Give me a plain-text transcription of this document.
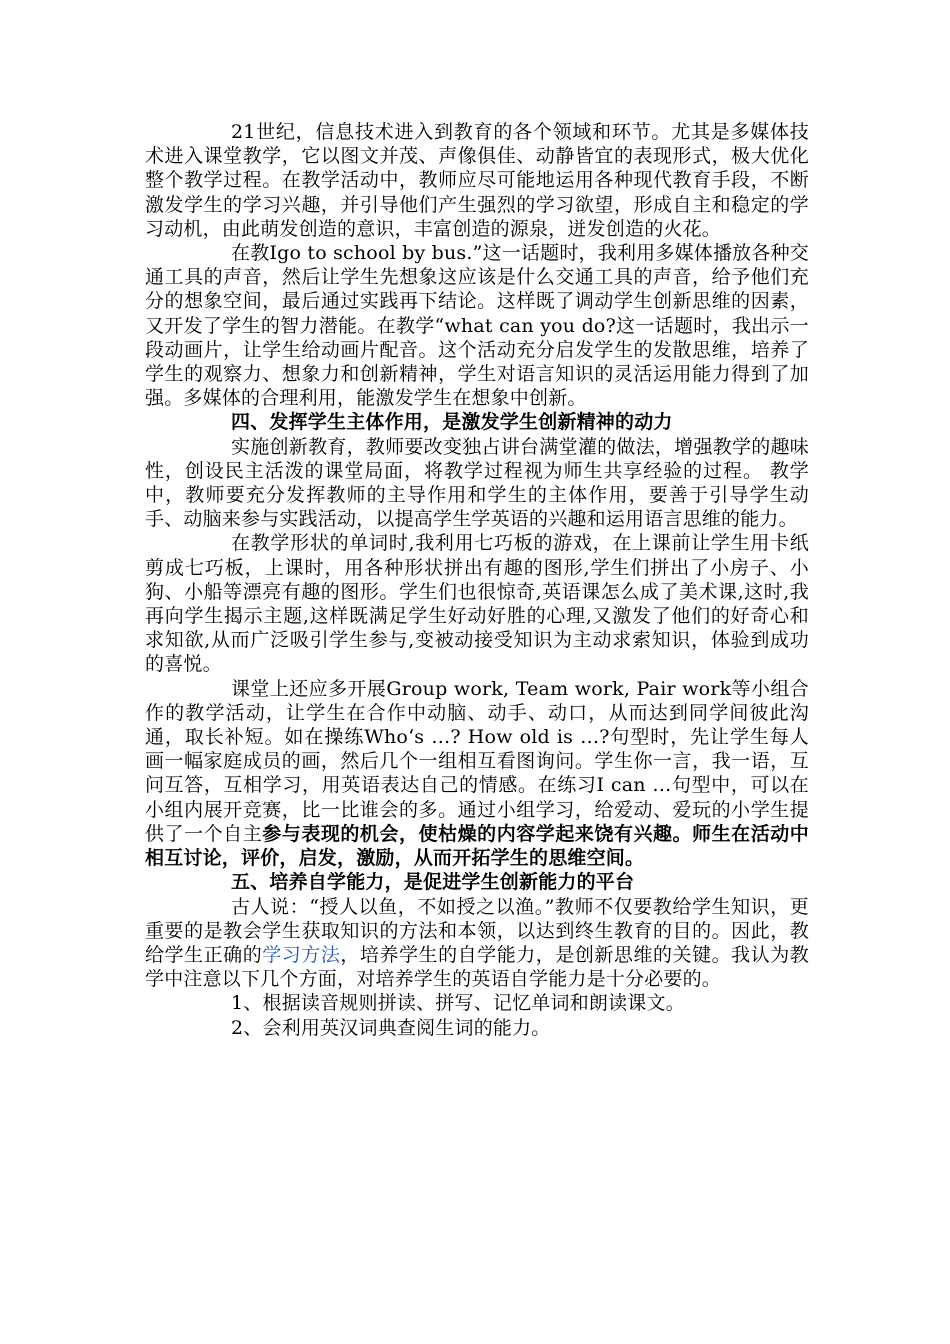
21世纪，信息技术进入到教育的各个领域和环节。尤其是多媒体技术进入课堂教学，它以图文并茂、声像俱佳、动静皆宜的表现形式，极大优化整个教学过程。在教学活动中，教师应尽可能地运用各种现代教育手段，不断激发学生的学习兴趣，并引导他们产生强烈的学习欲望，形成自主和稳定的学习动机，由此萌发创造的意识，丰富创造的源泉，迸发创造的火花。

在教Igo to school by bus.”这一话题时，我利用多媒体播放各种交通工具的声音，然后让学生先想象这应该是什么交通工具的声音，给予他们充分的想象空间，最后通过实践再下结论。这样既了调动学生创新思维的因素，又开发了学生的智力潜能。在教学“what can you do?这一话题时，我出示一段动画片，让学生给动画片配音。这个活动充分启发学生的发散思维，培养了学生的观察力、想象力和创新精神，学生对语言知识的灵活运用能力得到了加强。多媒体的合理利用，能激发学生在想象中创新。

四、发挥学生主体作用，是激发学生创新精神的动力

实施创新教育，教师要改变独占讲台满堂灌的做法，增强教学的趣味性，创设民主活泼的课堂局面，将教学过程视为师生共享经验的过程。 教学中，教师要充分发挥教师的主导作用和学生的主体作用，要善于引导学生动手、动脑来参与实践活动，以提高学生学英语的兴趣和运用语言思维的能力。

在教学形状的单词时,我利用七巧板的游戏，在上课前让学生用卡纸剪成七巧板，上课时，用各种形状拼出有趣的图形,学生们拼出了小房子、小狗、小船等漂亮有趣的图形。学生们也很惊奇,英语课怎么成了美术课,这时,我再向学生揭示主题,这样既满足学生好动好胜的心理,又激发了他们的好奇心和求知欲,从而广泛吸引学生参与,变被动接受知识为主动求索知识，体验到成功的喜悦。

课堂上还应多开展Group work, Team work, Pair work等小组合作的教学活动，让学生在合作中动脑、动手、动口，从而达到同学间彼此沟通，取长补短。如在操练Who‘s …? How old is …?句型时，先让学生每人画一幅家庭成员的画，然后几个一组相互看图询问。学生你一言，我一语，互问互答，互相学习，用英语表达自己的情感。在练习I can …句型中，可以在小组内展开竞赛，比一比谁会的多。通过小组学习，给爱动、爱玩的小学生提供了一个自主参与表现的机会，使枯燥的内容学起来饶有兴趣。师生在活动中相互讨论，评价，启发，激励，从而开拓学生的思维空间。

五、培养自学能力，是促进学生创新能力的平台

古人说：“授人以鱼，不如授之以渔。”教师不仅要教给学生知识，更重要的是教会学生获取知识的方法和本领，以达到终生教育的目的。因此，教给学生正确的学习方法，培养学生的自学能力，是创新思维的关键。我认为教学中注意以下几个方面，对培养学生的英语自学能力是十分必要的。

1、根据读音规则拼读、拼写、记忆单词和朗读课文。

2、会利用英汉词典查阅生词的能力。
